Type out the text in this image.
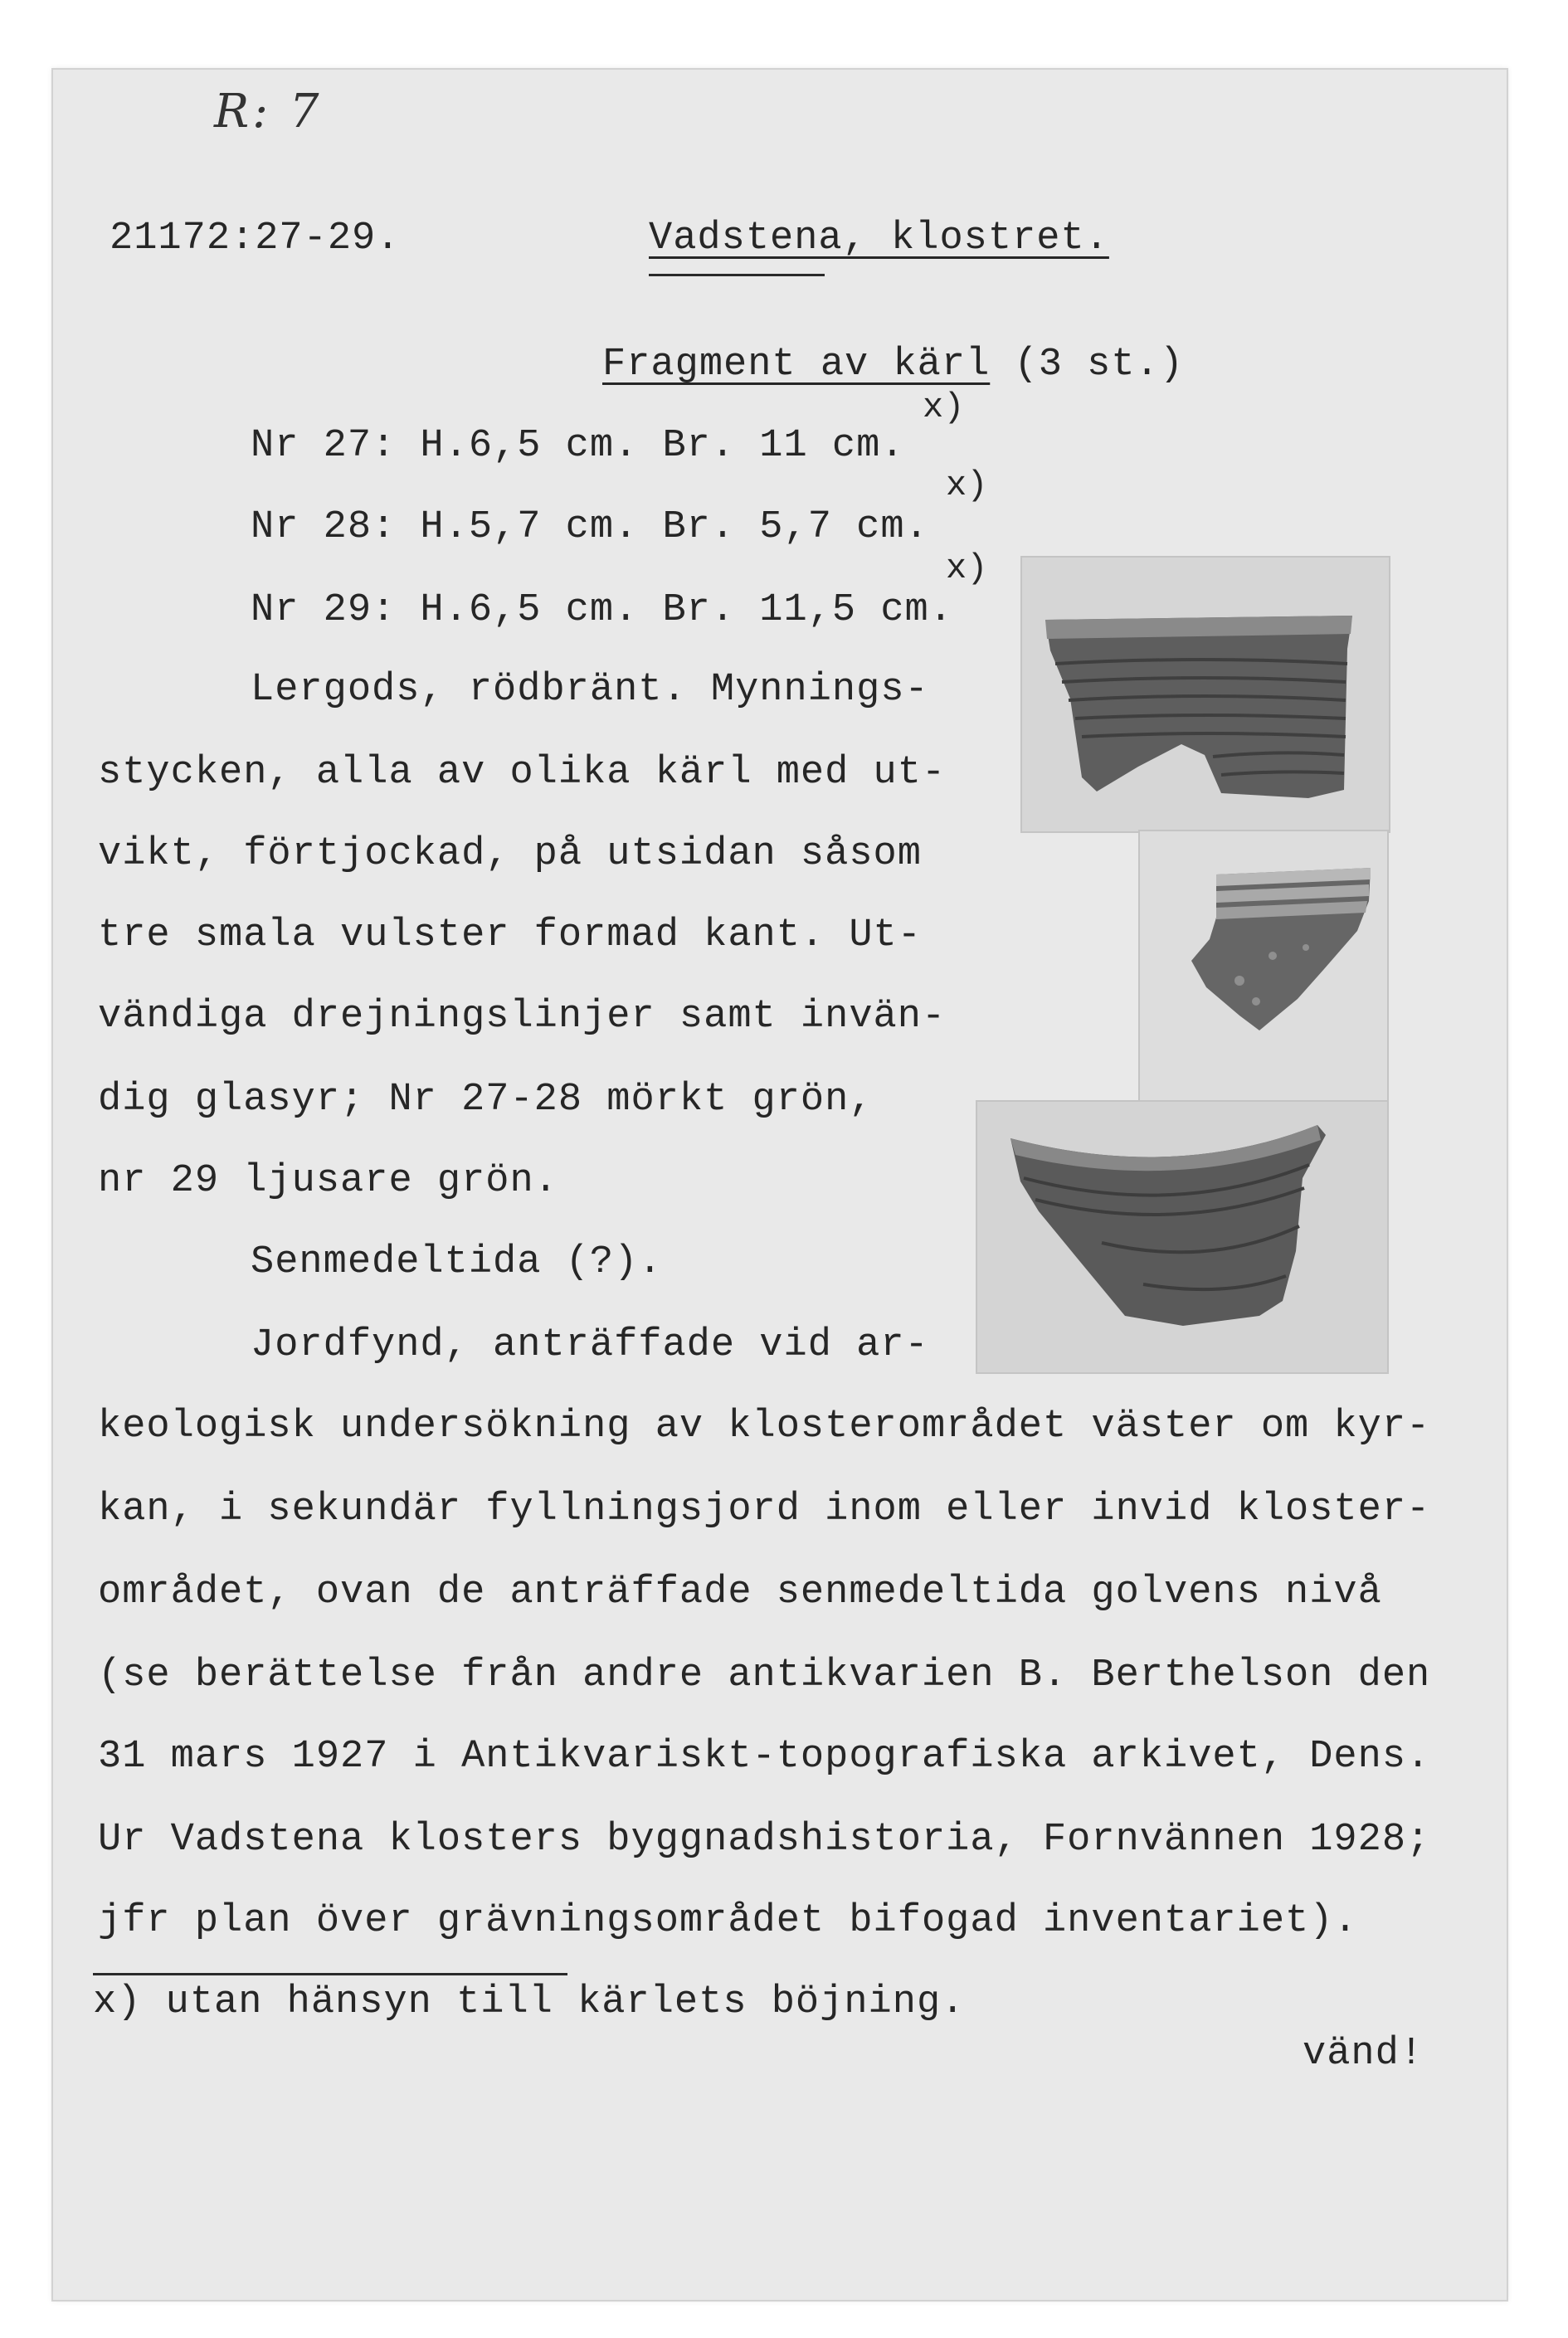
R: 7
21172:27-29.	Vadstena, klostret.
Fragment av kärl (3 st.)
x)
Nr 27: H.6,5 cm. Br. 11 cm.
x)
Nr 28: H.5,7 cm. Br. 5,7 cm.
x)
Nr 29: H.6,5 cm. Br. 11,5 cm.
Lergods, rödbränt. Mynnings-
stycken, alla av olika kärl med ut-
vikt, förtjockad, på utsidan såsom
tre smala vulster formad kant. Ut-
vändiga drejningslinjer samt invän-
dig glasyr; Nr 27-28 mörkt grön,
nr 29 ljusare grön.
Senmedeltida (?).
Jordfynd, anträffade vid ar-
keologisk undersökning av klosterområdet väster om kyr-
kan, i sekundär fyllningsjord inom eller invid kloster-
området, ovan de anträffade senmedeltida golvens nivå
(se berättelse från andre antikvarien B. Berthelson den
31 mars 1927 i Antikvariskt-topografiska arkivet, Dens.
Ur Vadstena klosters byggnadshistoria, Fornvännen 1928;
jfr plan över grävningsområdet bifogad inventariet).
x) utan hänsyn till kärlets böjning.
vänd!
